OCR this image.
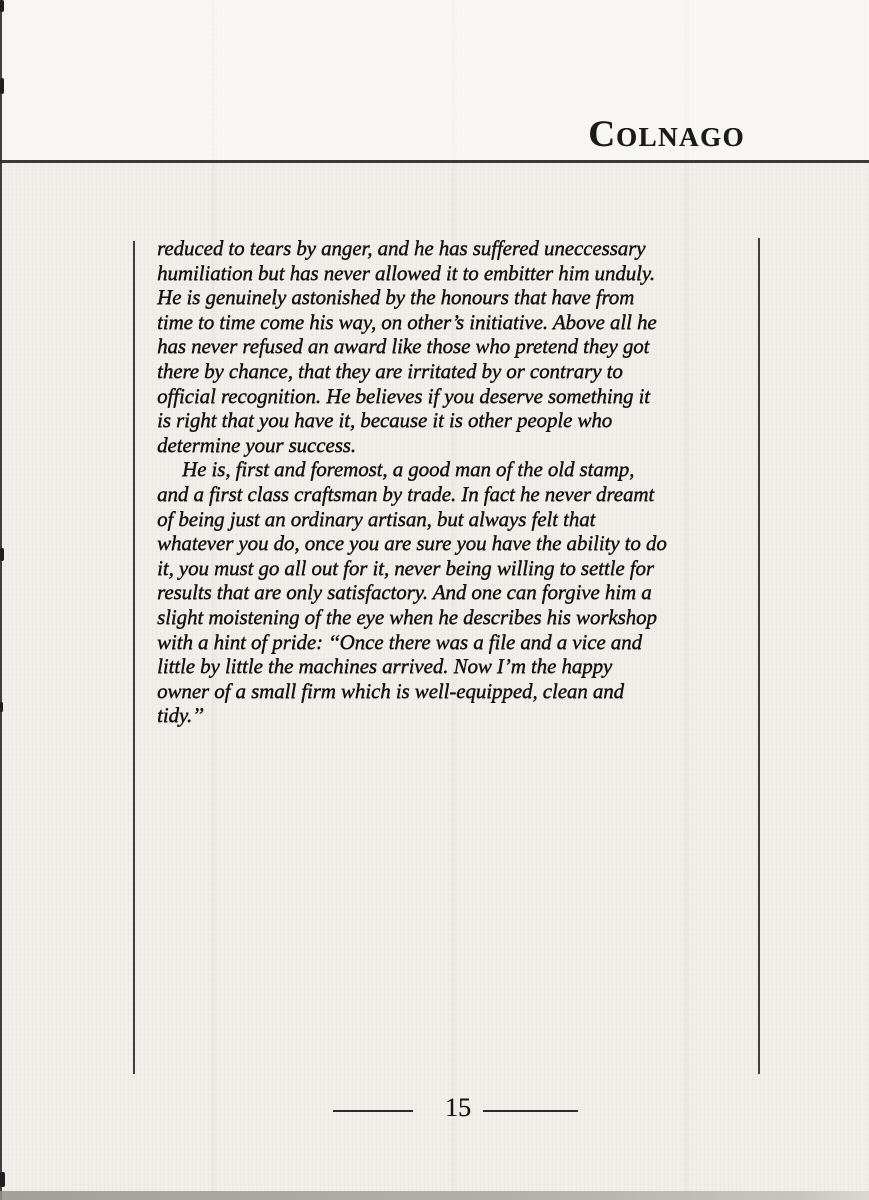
COLNAGO
reduced to tears by anger, and he has suffered uneccessary
humiliation but has never allowed it to embitter him unduly.
He is genuinely astonished by the honours that have from
time to time come his way, on other’s initiative. Above all he
has never refused an award like those who pretend they got
there by chance, that they are irritated by or contrary to
official recognition. He believes if you deserve something it
is right that you have it, because it is other people who
determine your success.
He is, first and foremost, a good man of the old stamp,
and a first class craftsman by trade. In fact he never dreamt
of being just an ordinary artisan, but always felt that
whatever you do, once you are sure you have the ability to do
it, you must go all out for it, never being willing to settle for
results that are only satisfactory. And one can forgive him a
slight moistening of the eye when he describes his workshop
with a hint of pride: ‘‘Once there was a file and a vice and
little by little the machines arrived. Now I’m the happy
owner of a small firm which is well-equipped, clean and
tidy.’’
15
